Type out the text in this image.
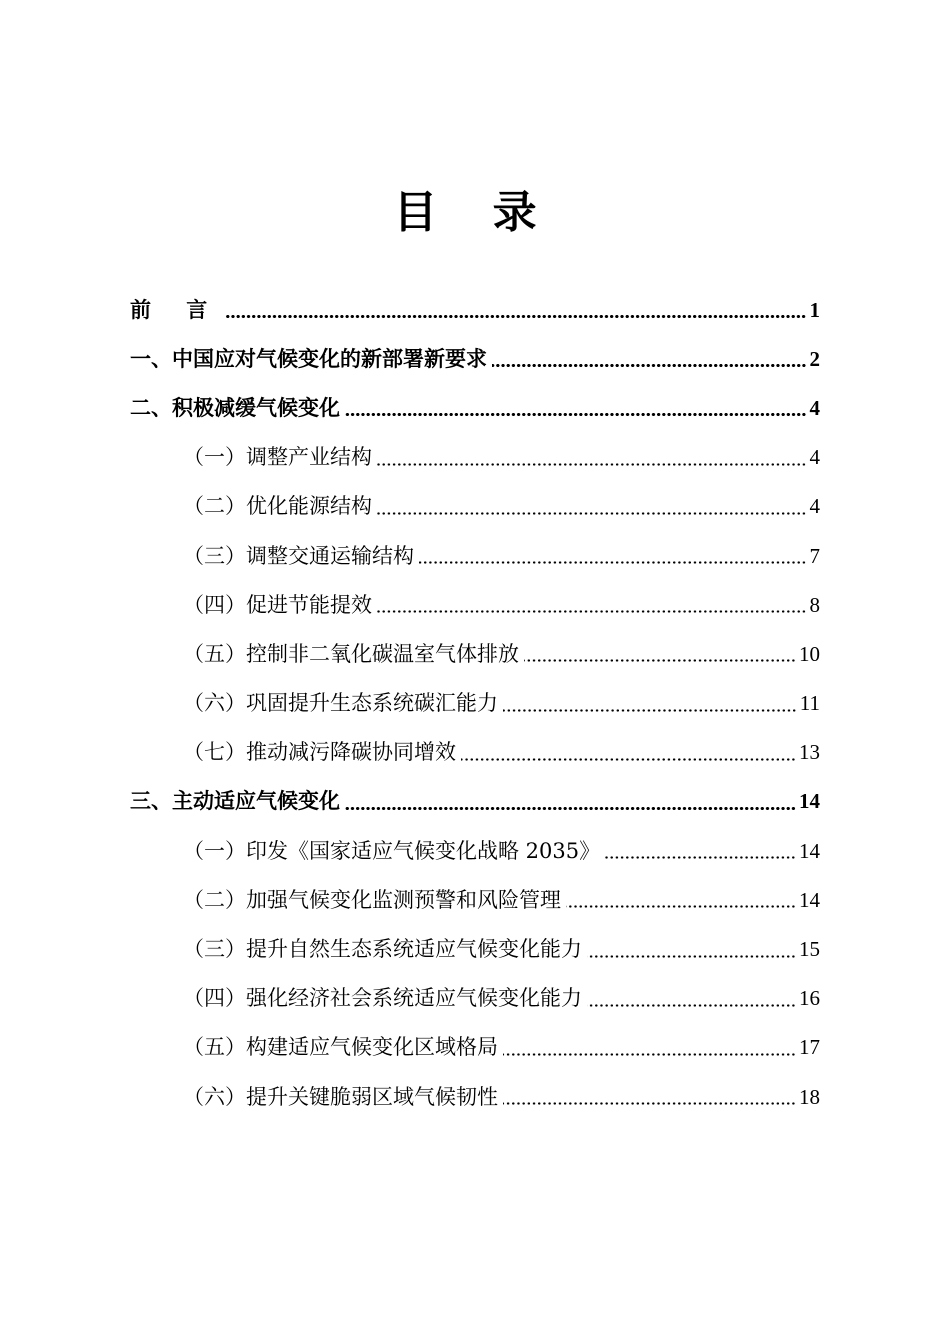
目 录
前 言	1
一、中国应对气候变化的新部署新要求	2
二、积极减缓气候变化	4
（一）调整产业结构	4
（二）优化能源结构	4
（三）调整交通运输结构	7
（四）促进节能提效	8
（五）控制非二氧化碳温室气体排放	10
（六）巩固提升生态系统碳汇能力	11
（七）推动减污降碳协同增效	13
三、主动适应气候变化	14
（一）印发《国家适应气候变化战略 2035》	14
（二）加强气候变化监测预警和风险管理	14
（三）提升自然生态系统适应气候变化能力	15
（四）强化经济社会系统适应气候变化能力	16
（五）构建适应气候变化区域格局	17
（六）提升关键脆弱区域气候韧性	18
